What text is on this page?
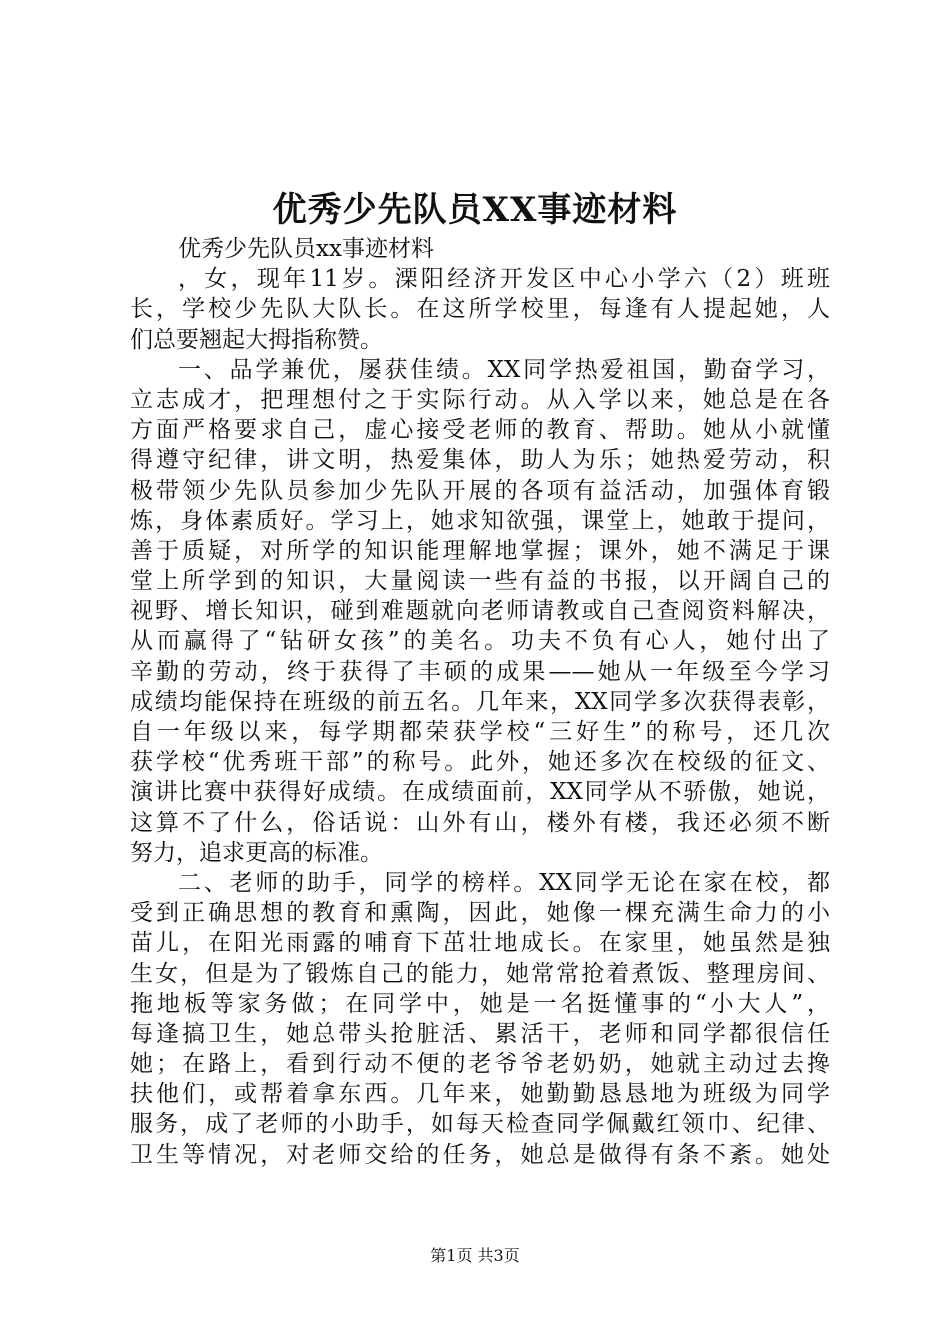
优秀少先队员XX事迹材料
优秀少先队员xx事迹材料
，女，现年11岁。溧阳经济开发区中心小学六（2）班班
长，学校少先队大队长。在这所学校里，每逢有人提起她，人
们总要翘起大拇指称赞。
一、品学兼优，屡获佳绩。XX同学热爱祖国，勤奋学习，
立志成才，把理想付之于实际行动。从入学以来，她总是在各
方面严格要求自己，虚心接受老师的教育、帮助。她从小就懂
得遵守纪律，讲文明，热爱集体，助人为乐；她热爱劳动，积
极带领少先队员参加少先队开展的各项有益活动，加强体育锻
炼，身体素质好。学习上，她求知欲强，课堂上，她敢于提问，
善于质疑，对所学的知识能理解地掌握；课外，她不满足于课
堂上所学到的知识，大量阅读一些有益的书报，以开阔自己的
视野、增长知识，碰到难题就向老师请教或自己查阅资料解决，
从而赢得了“钻研女孩”的美名。功夫不负有心人，她付出了
辛勤的劳动，终于获得了丰硕的成果——她从一年级至今学习
成绩均能保持在班级的前五名。几年来，XX同学多次获得表彰，
自一年级以来，每学期都荣获学校“三好生”的称号，还几次
获学校“优秀班干部”的称号。此外，她还多次在校级的征文、
演讲比赛中获得好成绩。在成绩面前，XX同学从不骄傲，她说，
这算不了什么，俗话说：山外有山，楼外有楼，我还必须不断
努力，追求更高的标准。
二、老师的助手，同学的榜样。XX同学无论在家在校，都
受到正确思想的教育和熏陶，因此，她像一棵充满生命力的小
苗儿，在阳光雨露的哺育下茁壮地成长。在家里，她虽然是独
生女，但是为了锻炼自己的能力，她常常抢着煮饭、整理房间、
拖地板等家务做；在同学中，她是一名挺懂事的“小大人”，
每逢搞卫生，她总带头抢脏活、累活干，老师和同学都很信任
她；在路上，看到行动不便的老爷爷老奶奶，她就主动过去搀
扶他们，或帮着拿东西。几年来，她勤勤恳恳地为班级为同学
服务，成了老师的小助手，如每天检查同学佩戴红领巾、纪律、
卫生等情况，对老师交给的任务，她总是做得有条不紊。她处
第1页 共3页
